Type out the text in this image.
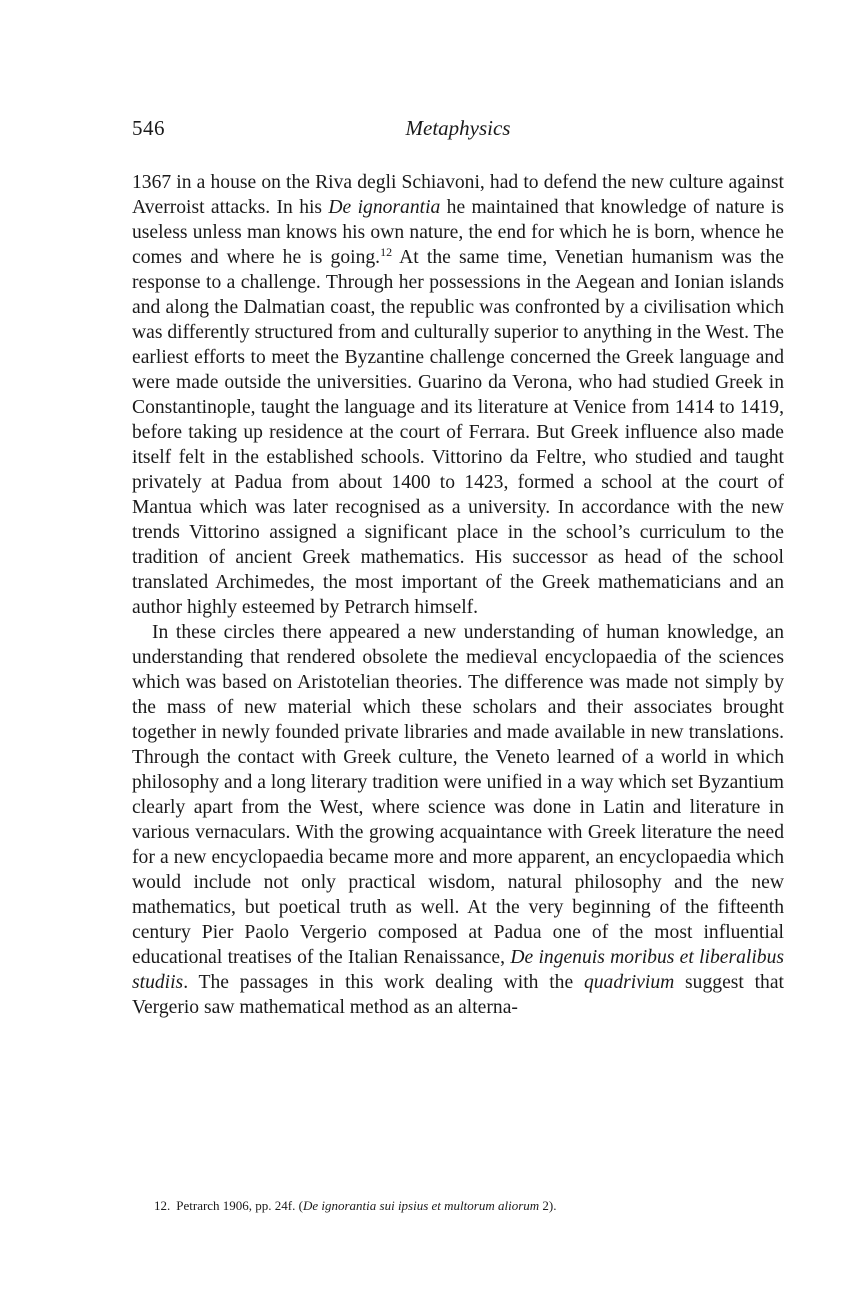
546	Metaphysics

1367 in a house on the Riva degli Schiavoni, had to defend the new culture against Averroist attacks. In his De ignorantia he maintained that knowledge of nature is useless unless man knows his own nature, the end for which he is born, whence he comes and where he is going.$^{12}$ At the same time, Venetian humanism was the response to a challenge. Through her possessions in the Aegean and Ionian islands and along the Dalmatian coast, the republic was confronted by a civilisation which was differently structured from and culturally superior to anything in the West. The earliest efforts to meet the Byzantine challenge concerned the Greek language and were made outside the universities. Guarino da Verona, who had studied Greek in Constantinople, taught the language and its literature at Venice from 1414 to 1419, before taking up residence at the court of Ferrara. But Greek influence also made itself felt in the established schools. Vittorino da Feltre, who studied and taught privately at Padua from about 1400 to 1423, formed a school at the court of Mantua which was later recognised as a university. In accordance with the new trends Vittorino assigned a significant place in the school’s curriculum to the tradition of ancient Greek mathematics. His successor as head of the school translated Archimedes, the most important of the Greek mathematicians and an author highly esteemed by Petrarch himself.

In these circles there appeared a new understanding of human knowledge, an understanding that rendered obsolete the medieval encyclopaedia of the sciences which was based on Aristotelian theories. The difference was made not simply by the mass of new material which these scholars and their associates brought together in newly founded private libraries and made available in new translations. Through the contact with Greek culture, the Veneto learned of a world in which philosophy and a long literary tradition were unified in a way which set Byzantium clearly apart from the West, where science was done in Latin and literature in various vernaculars. With the growing acquaintance with Greek literature the need for a new encyclopaedia became more and more apparent, an encyclopaedia which would include not only practical wisdom, natural philosophy and the new mathematics, but poetical truth as well. At the very beginning of the fifteenth century Pier Paolo Vergerio composed at Padua one of the most influential educational treatises of the Italian Renaissance, De ingenuis moribus et liberalibus studiis. The passages in this work dealing with the quadrivium suggest that Vergerio saw mathematical method as an alterna-

12. Petrarch 1906, pp. 24f. (De ignorantia sui ipsius et multorum aliorum 2).
